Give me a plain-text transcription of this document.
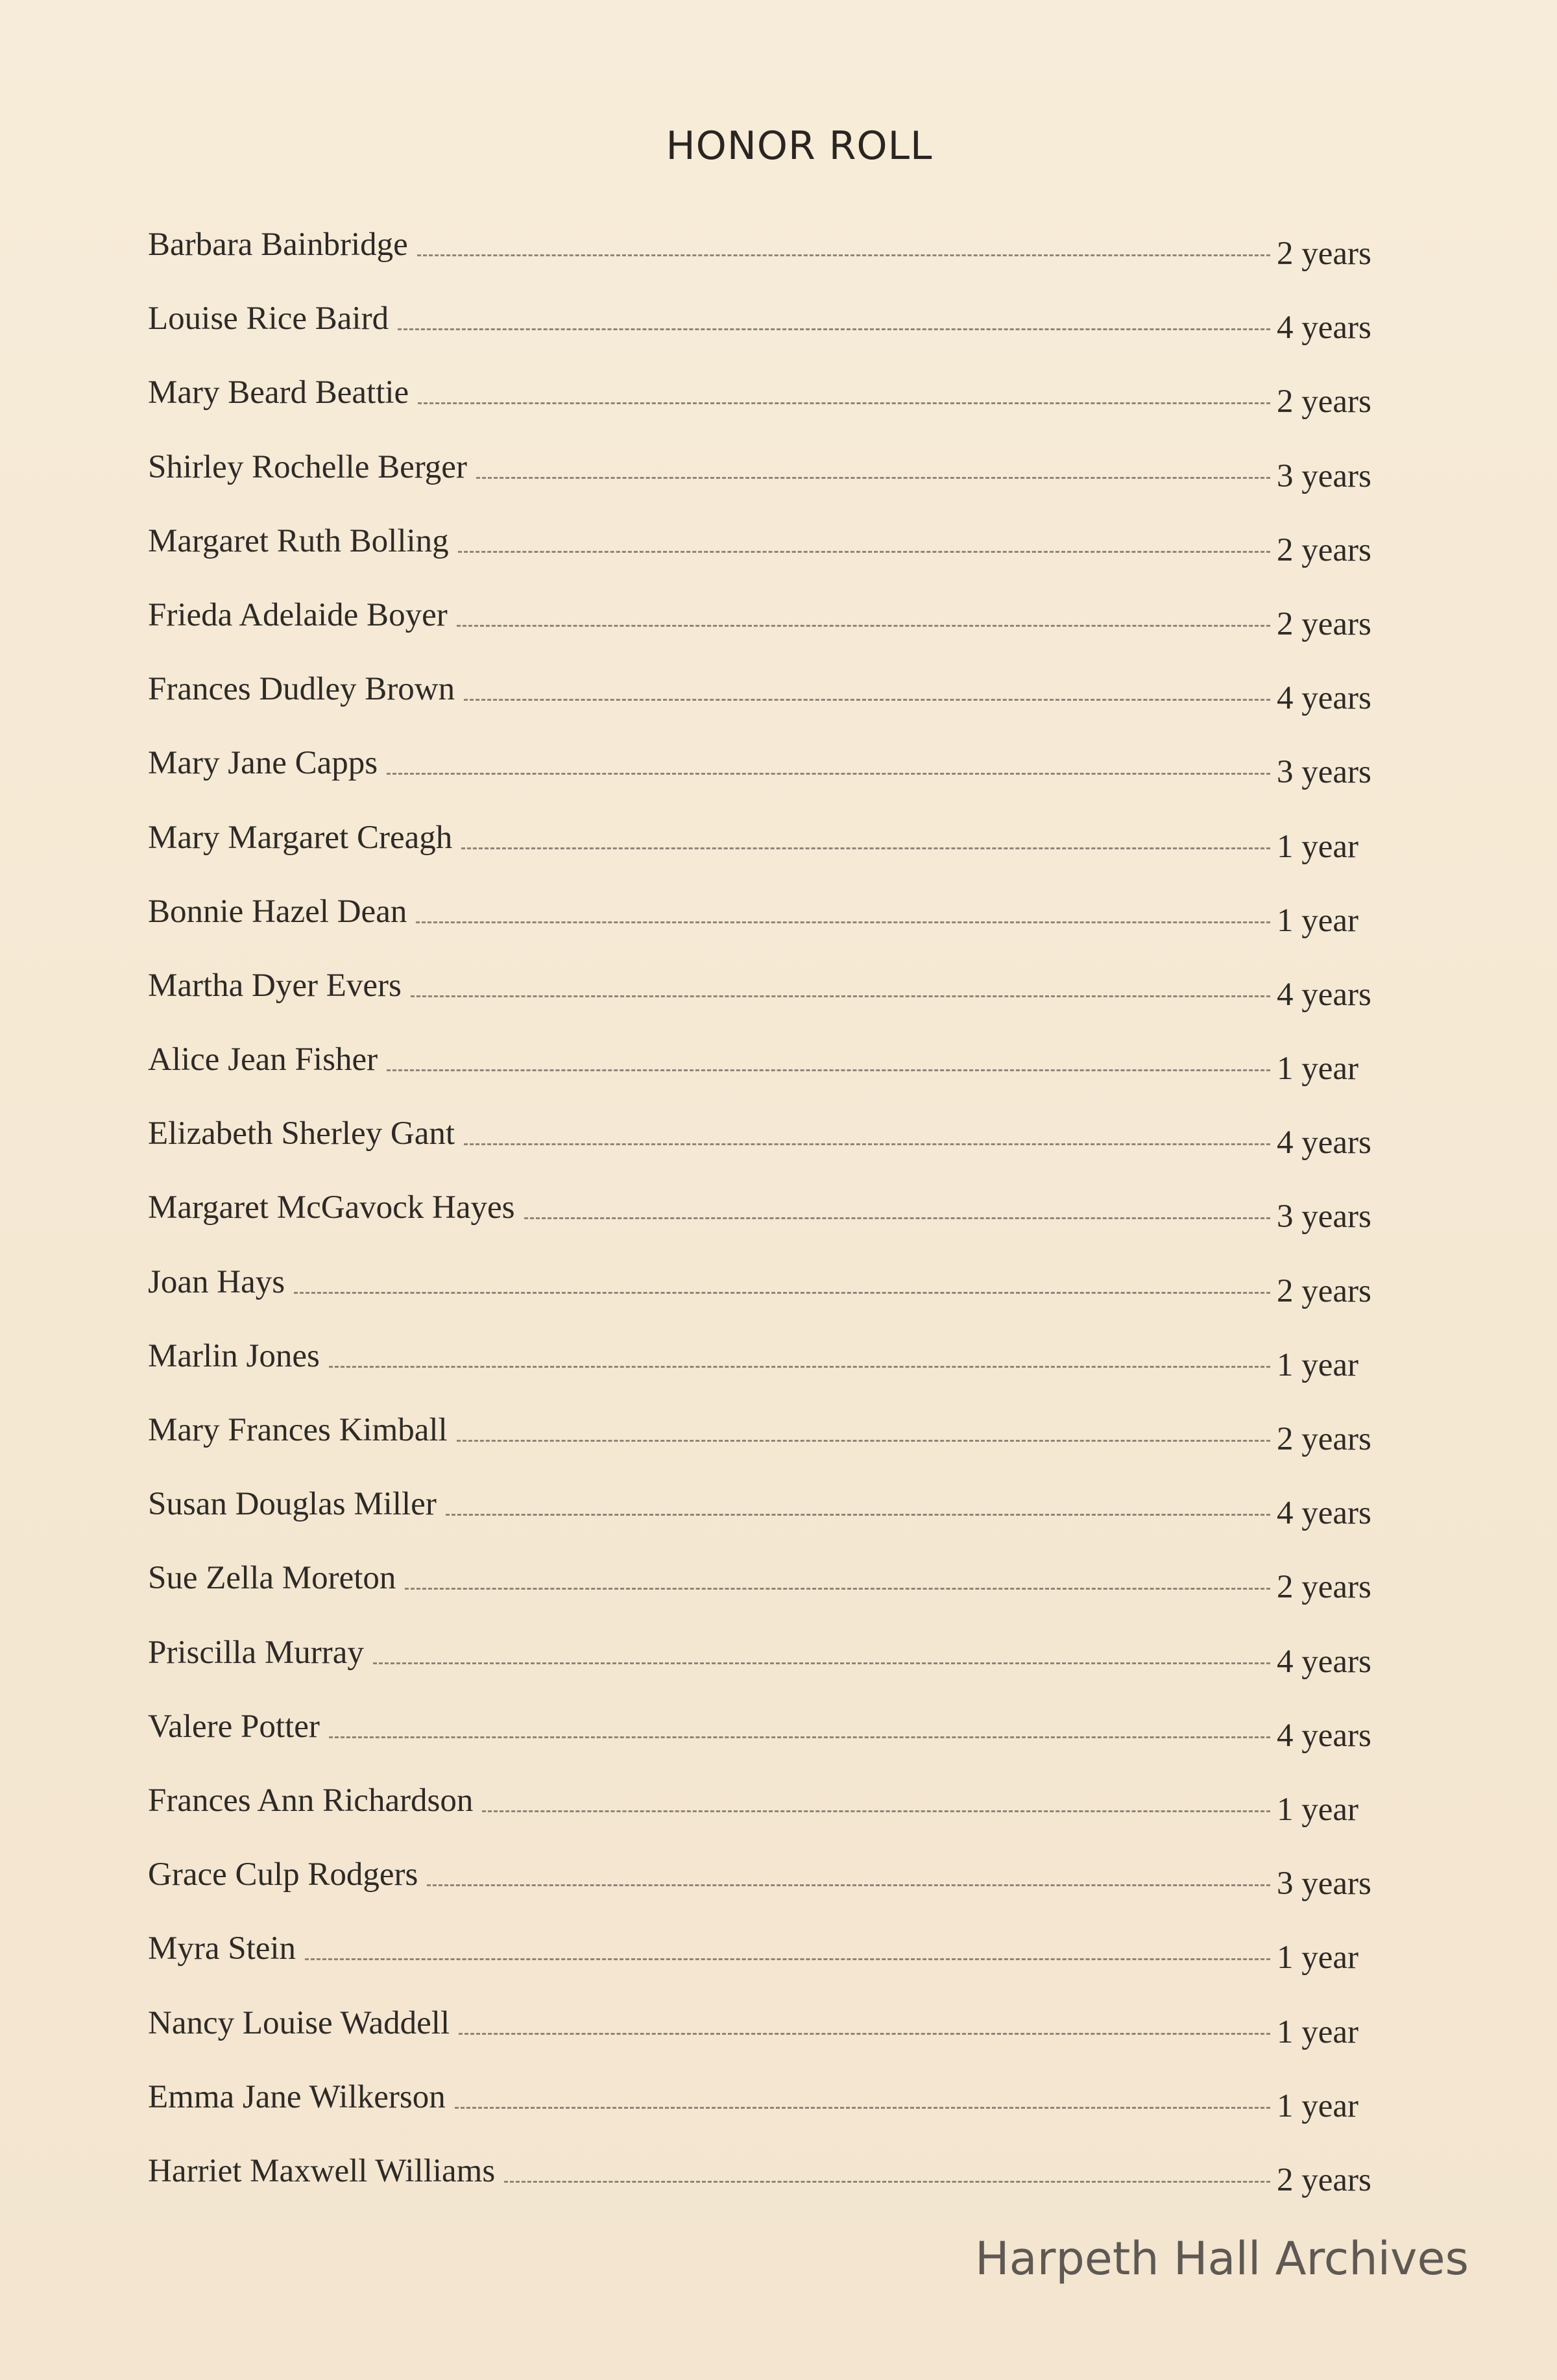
HONOR ROLL
Barbara Bainbridge	2 years
Louise Rice Baird	4 years
Mary Beard Beattie	2 years
Shirley Rochelle Berger	3 years
Margaret Ruth Bolling	2 years
Frieda Adelaide Boyer	2 years
Frances Dudley Brown	4 years
Mary Jane Capps	3 years
Mary Margaret Creagh	1 year
Bonnie Hazel Dean	1 year
Martha Dyer Evers	4 years
Alice Jean Fisher	1 year
Elizabeth Sherley Gant	4 years
Margaret McGavock Hayes	3 years
Joan Hays	2 years
Marlin Jones	1 year
Mary Frances Kimball	2 years
Susan Douglas Miller	4 years
Sue Zella Moreton	2 years
Priscilla Murray	4 years
Valere Potter	4 years
Frances Ann Richardson	1 year
Grace Culp Rodgers	3 years
Myra Stein	1 year
Nancy Louise Waddell	1 year
Emma Jane Wilkerson	1 year
Harriet Maxwell Williams	2 years
Harpeth Hall Archives
